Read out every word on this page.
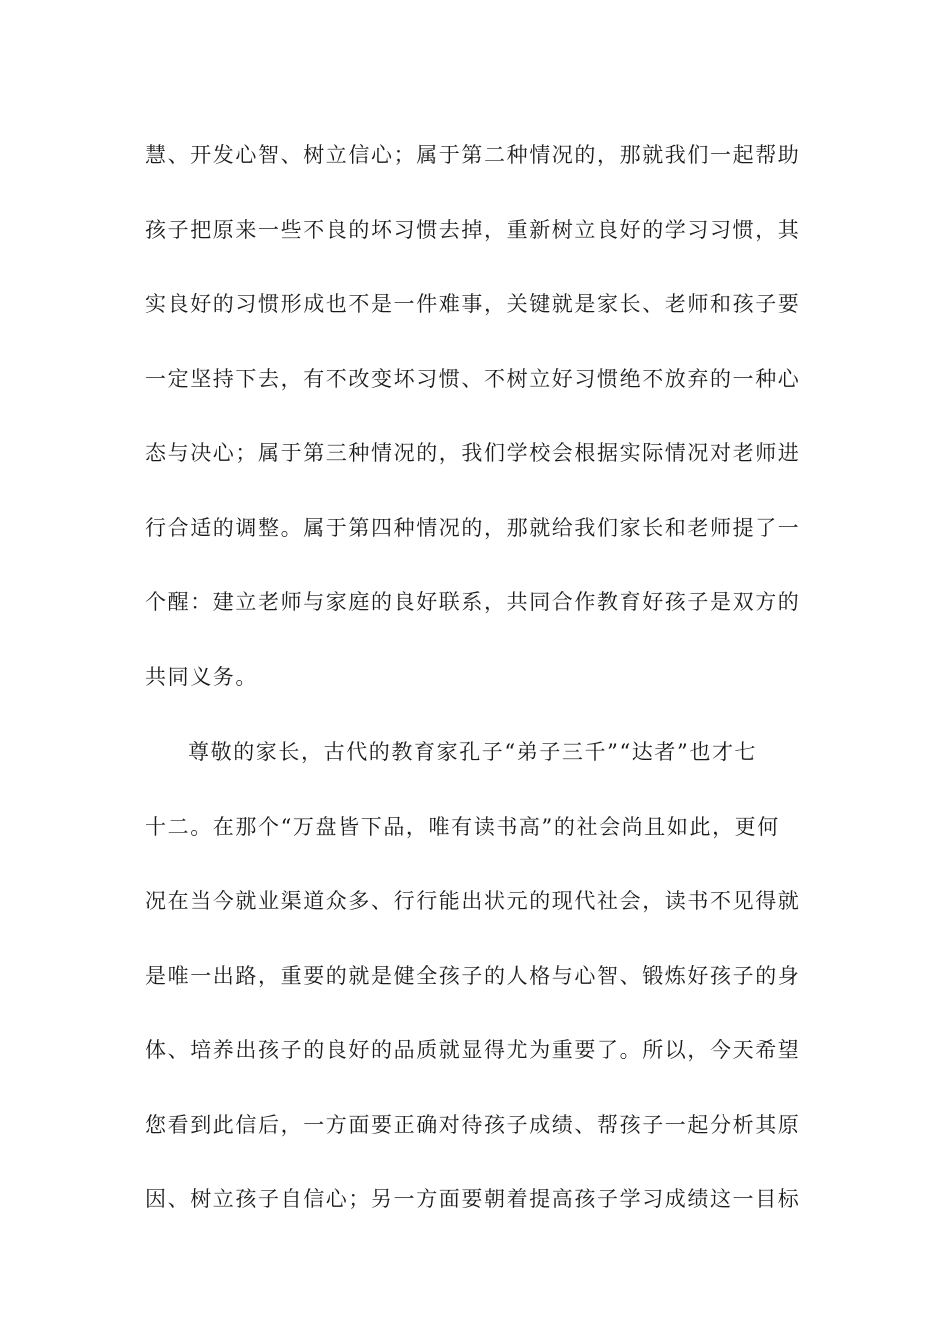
慧、开发心智、树立信心；属于第二种情况的，那就我们一起帮助
孩子把原来一些不良的坏习惯去掉，重新树立良好的学习习惯，其
实良好的习惯形成也不是一件难事，关键就是家长、老师和孩子要
一定坚持下去，有不改变坏习惯、不树立好习惯绝不放弃的一种心
态与决心；属于第三种情况的，我们学校会根据实际情况对老师进
行合适的调整。属于第四种情况的，那就给我们家长和老师提了一
个醒：建立老师与家庭的良好联系，共同合作教育好孩子是双方的
共同义务。
尊敬的家长，古代的教育家孔子“弟子三千”“达者”也才七
十二。在那个“万盘皆下品，唯有读书高”的社会尚且如此，更何
况在当今就业渠道众多、行行能出状元的现代社会，读书不见得就
是唯一出路，重要的就是健全孩子的人格与心智、锻炼好孩子的身
体、培养出孩子的良好的品质就显得尤为重要了。所以，今天希望
您看到此信后，一方面要正确对待孩子成绩、帮孩子一起分析其原
因、树立孩子自信心；另一方面要朝着提高孩子学习成绩这一目标
